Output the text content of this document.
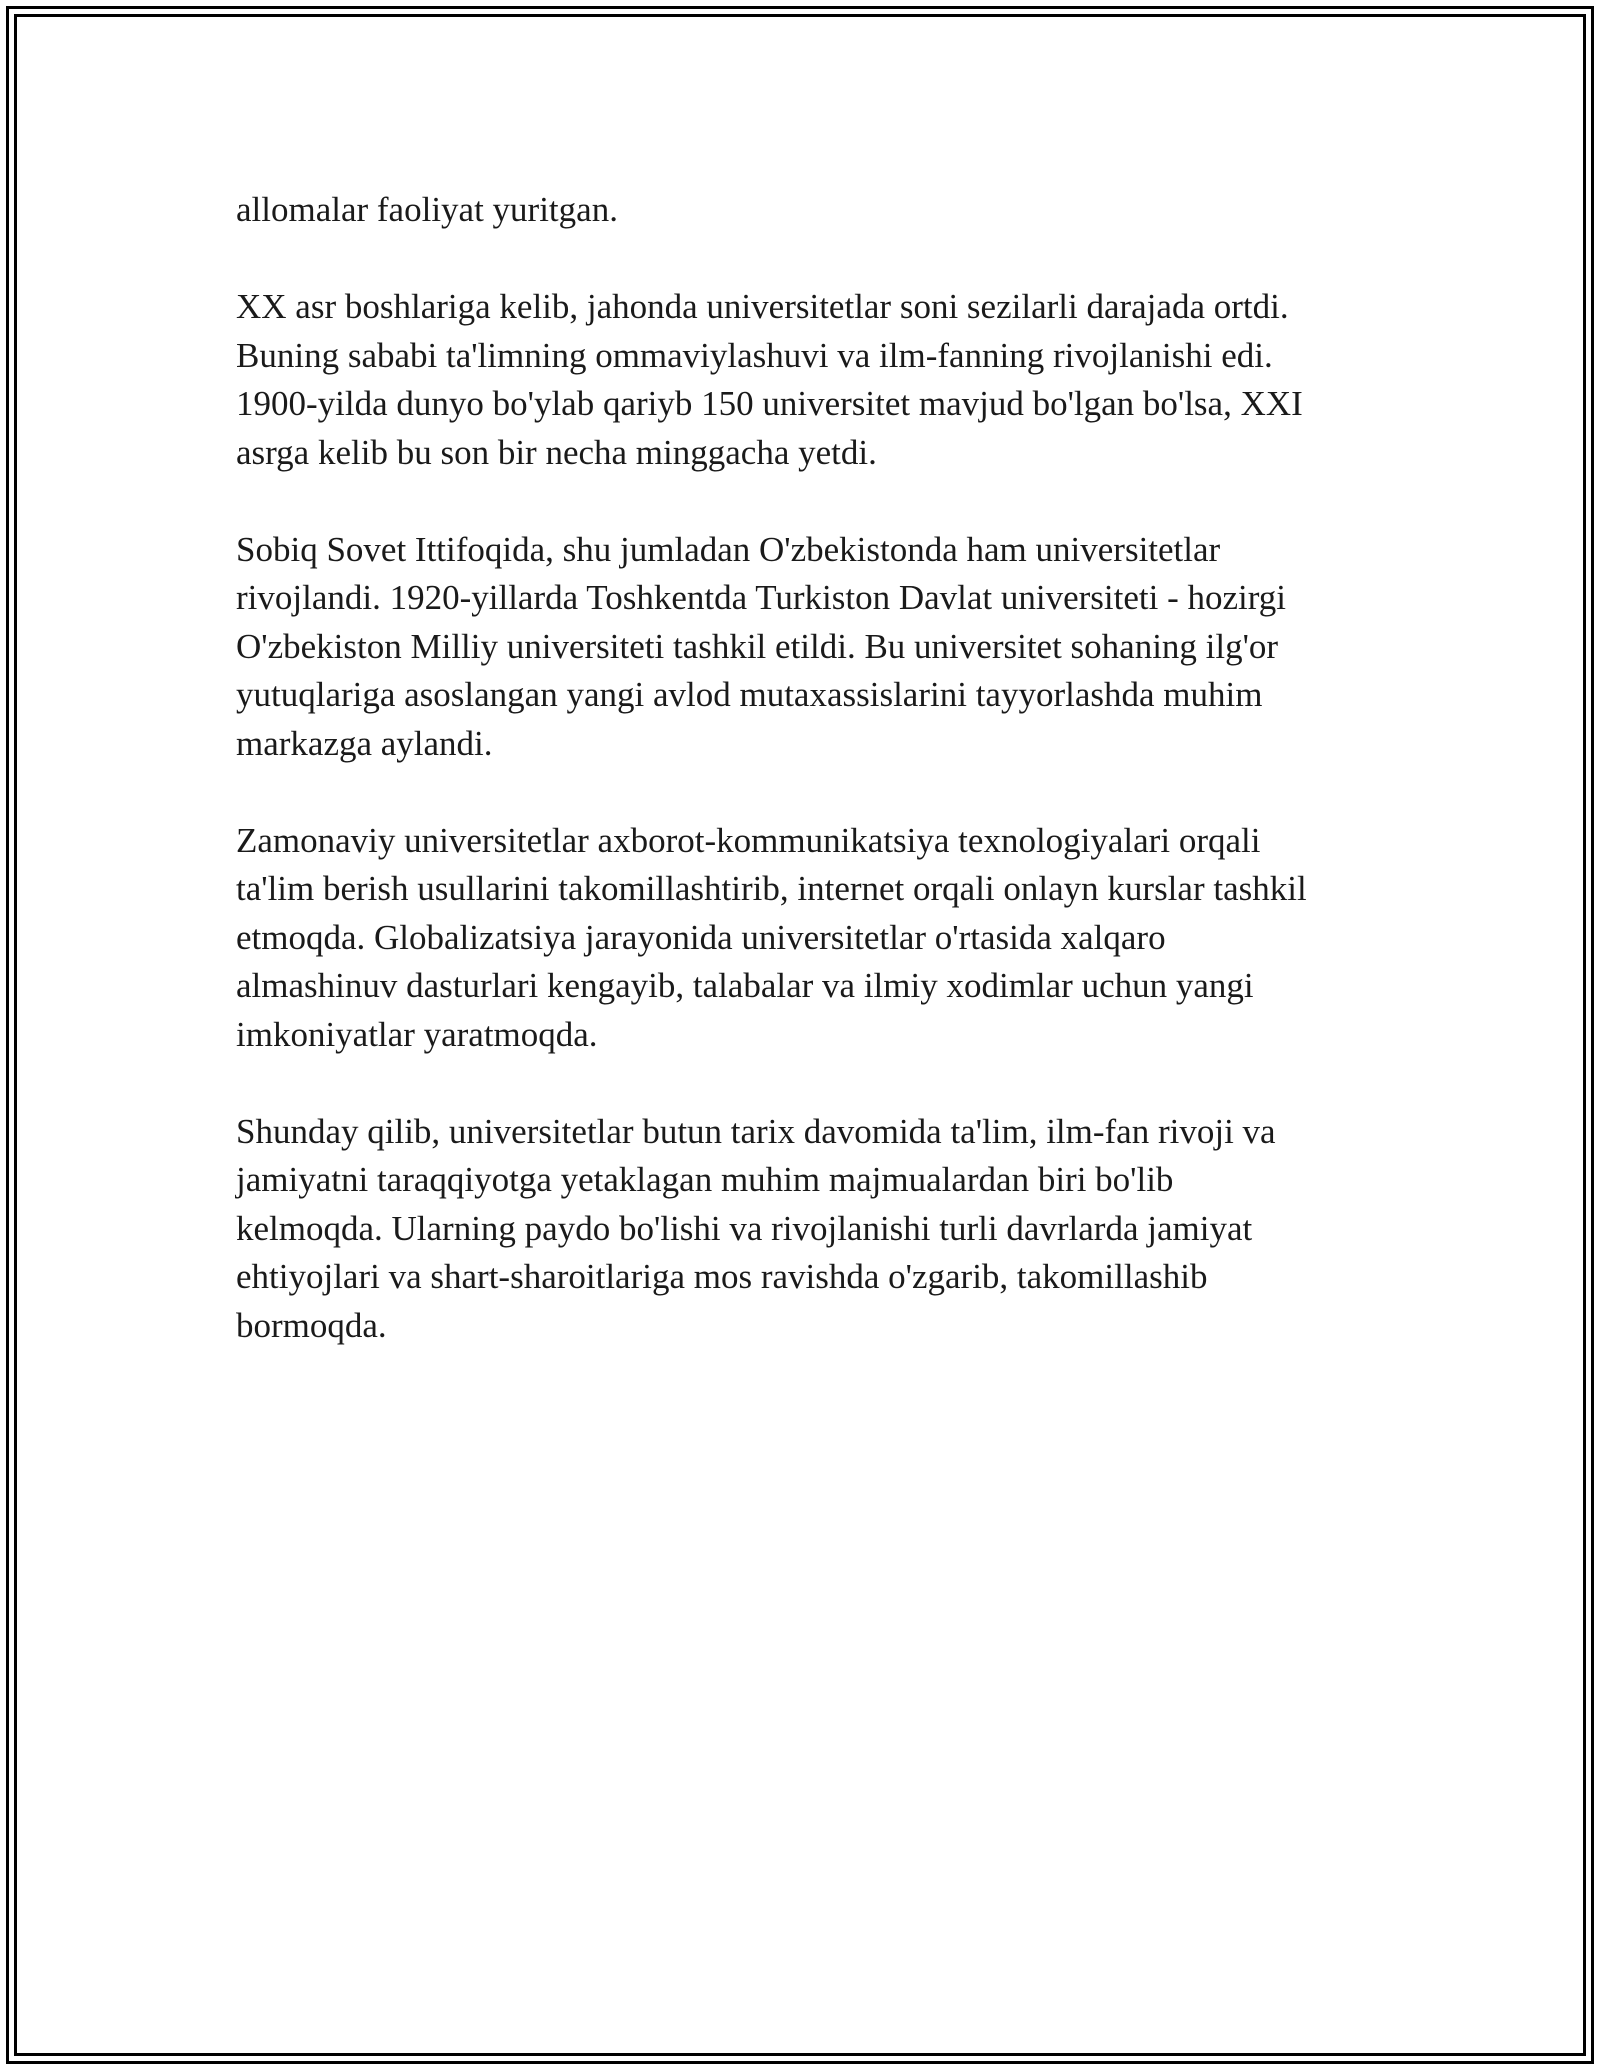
allomalar faoliyat yuritgan.

XX asr boshlariga kelib, jahonda universitetlar soni sezilarli darajada ortdi.
Buning sababi ta'limning ommaviylashuvi va ilm-fanning rivojlanishi edi.
1900-yilda dunyo bo'ylab qariyb 150 universitet mavjud bo'lgan bo'lsa, XXI
asrga kelib bu son bir necha minggacha yetdi.

Sobiq Sovet Ittifoqida, shu jumladan O'zbekistonda ham universitetlar
rivojlandi. 1920-yillarda Toshkentda Turkiston Davlat universiteti - hozirgi
O'zbekiston Milliy universiteti tashkil etildi. Bu universitet sohaning ilg'or
yutuqlariga asoslangan yangi avlod mutaxassislarini tayyorlashda muhim
markazga aylandi.

Zamonaviy universitetlar axborot-kommunikatsiya texnologiyalari orqali
ta'lim berish usullarini takomillashtirib, internet orqali onlayn kurslar tashkil
etmoqda. Globalizatsiya jarayonida universitetlar o'rtasida xalqaro
almashinuv dasturlari kengayib, talabalar va ilmiy xodimlar uchun yangi
imkoniyatlar yaratmoqda.

Shunday qilib, universitetlar butun tarix davomida ta'lim, ilm-fan rivoji va
jamiyatni taraqqiyotga yetaklagan muhim majmualardan biri bo'lib
kelmoqda. Ularning paydo bo'lishi va rivojlanishi turli davrlarda jamiyat
ehtiyojlari va shart-sharoitlariga mos ravishda o'zgarib, takomillashib
bormoqda.
